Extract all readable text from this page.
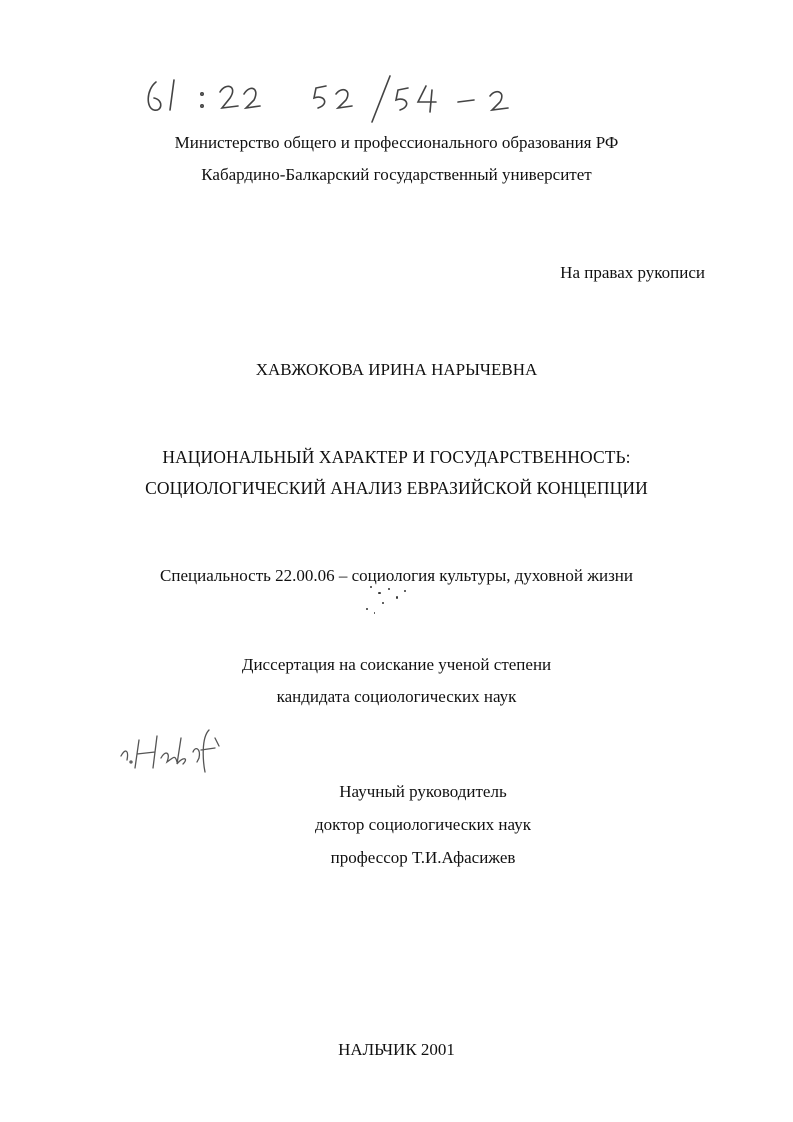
Министерство общего и профессионального образования РФ
Кабардино-Балкарский государственный университет
На правах рукописи
ХАВЖОКОВА ИРИНА НАРЫЧЕВНА
НАЦИОНАЛЬНЫЙ ХАРАКТЕР И ГОСУДАРСТВЕННОСТЬ:
СОЦИОЛОГИЧЕСКИЙ АНАЛИЗ ЕВРАЗИЙСКОЙ КОНЦЕПЦИИ
Специальность 22.00.06 – социология культуры, духовной жизни
Диссертация на соискание ученой степени
кандидата социологических наук
Научный руководитель
доктор социологических наук
профессор Т.И.Афасижев
НАЛЬЧИК 2001
